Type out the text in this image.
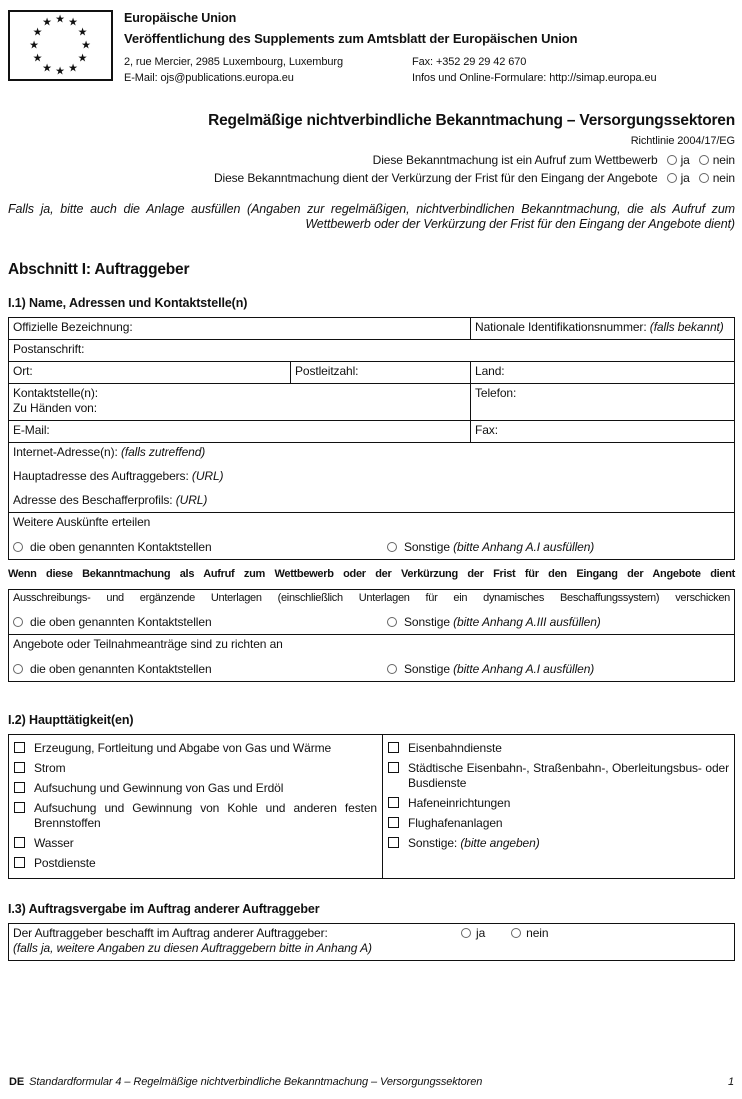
★ ★
★
★
★
★
★
★
★
★
★
★	Europäische Union
Veröffentlichung des Supplements zum Amtsblatt der Europäischen Union
2, rue Mercier, 2985 Luxembourg, Luxemburg	Fax: +352 29 29 42 670
E-Mail: ojs@publications.europa.eu	Infos und Online-Formulare: http://simap.europa.eu
Regelmäßige nichtverbindliche Bekanntmachung – Versorgungssektoren
Richtlinie 2004/17/EG
Diese Bekanntmachung ist ein Aufruf zum Wettbewerb ja nein
Diese Bekanntmachung dient der Verkürzung der Frist für den Eingang der Angebote ja nein
Falls ja, bitte auch die Anlage ausfüllen (Angaben zur regelmäßigen, nichtverbindlichen Bekanntmachung, die als Aufruf zum Wettbewerb oder der Verkürzung der Frist für den Eingang der Angebote dient)
Abschnitt I: Auftraggeber
I.1) Name, Adressen und Kontaktstelle(n)
Offizielle Bezeichnung:		Nationale Identifikationsnummer: (falls bekannt)
Postanschrift:		
Ort:	Postleitzahl:	Land:

Kontaktstelle(n):
Zu Händen von:		Telefon:
E-Mail:		Fax:

Internet-Adresse(n): (falls zutreffend)
Hauptadresse des Auftraggebers: (URL)
Adresse des Beschafferprofils: (URL)		

Weitere Auskünfte erteilen
die oben genannten Kontaktstellen Sonstige (bitte Anhang A.I ausfüllen)		
Wenn diese Bekanntmachung als Aufruf zum Wettbewerb oder der Verkürzung der Frist für den Eingang der Angebote dient
Ausschreibungs- und ergänzende Unterlagen (einschließlich Unterlagen für ein dynamisches Beschaffungssystem) verschicken
die oben genannten Kontaktstellen	Sonstige (bitte Anhang A.III ausfüllen)

Angebote oder Teilnahmeanträge sind zu richten an
die oben genannten Kontaktstellen	Sonstige (bitte Anhang A.I ausfüllen)
I.2) Haupttätigkeit(en)
Erzeugung, Fortleitung und Abgabe von Gas und Wärme
Strom
Aufsuchung und Gewinnung von Gas und Erdöl
Aufsuchung und Gewinnung von Kohle und anderen festen Brennstoffen
Wasser
Postdienste

Eisenbahndienste
Städtische Eisenbahn-, Straßenbahn-, Oberleitungsbus- oder Busdienste
Hafeneinrichtungen
Flughafenanlagen
Sonstige: (bitte angeben)
I.3) Auftragsvergabe im Auftrag anderer Auftraggeber
Der Auftraggeber beschafft im Auftrag anderer Auftraggeber:	ja	nein
(falls ja, weitere Angaben zu diesen Auftraggebern bitte in Anhang A)
DE Standardformular 4 – Regelmäßige nichtverbindliche Bekanntmachung – Versorgungssektoren	1
